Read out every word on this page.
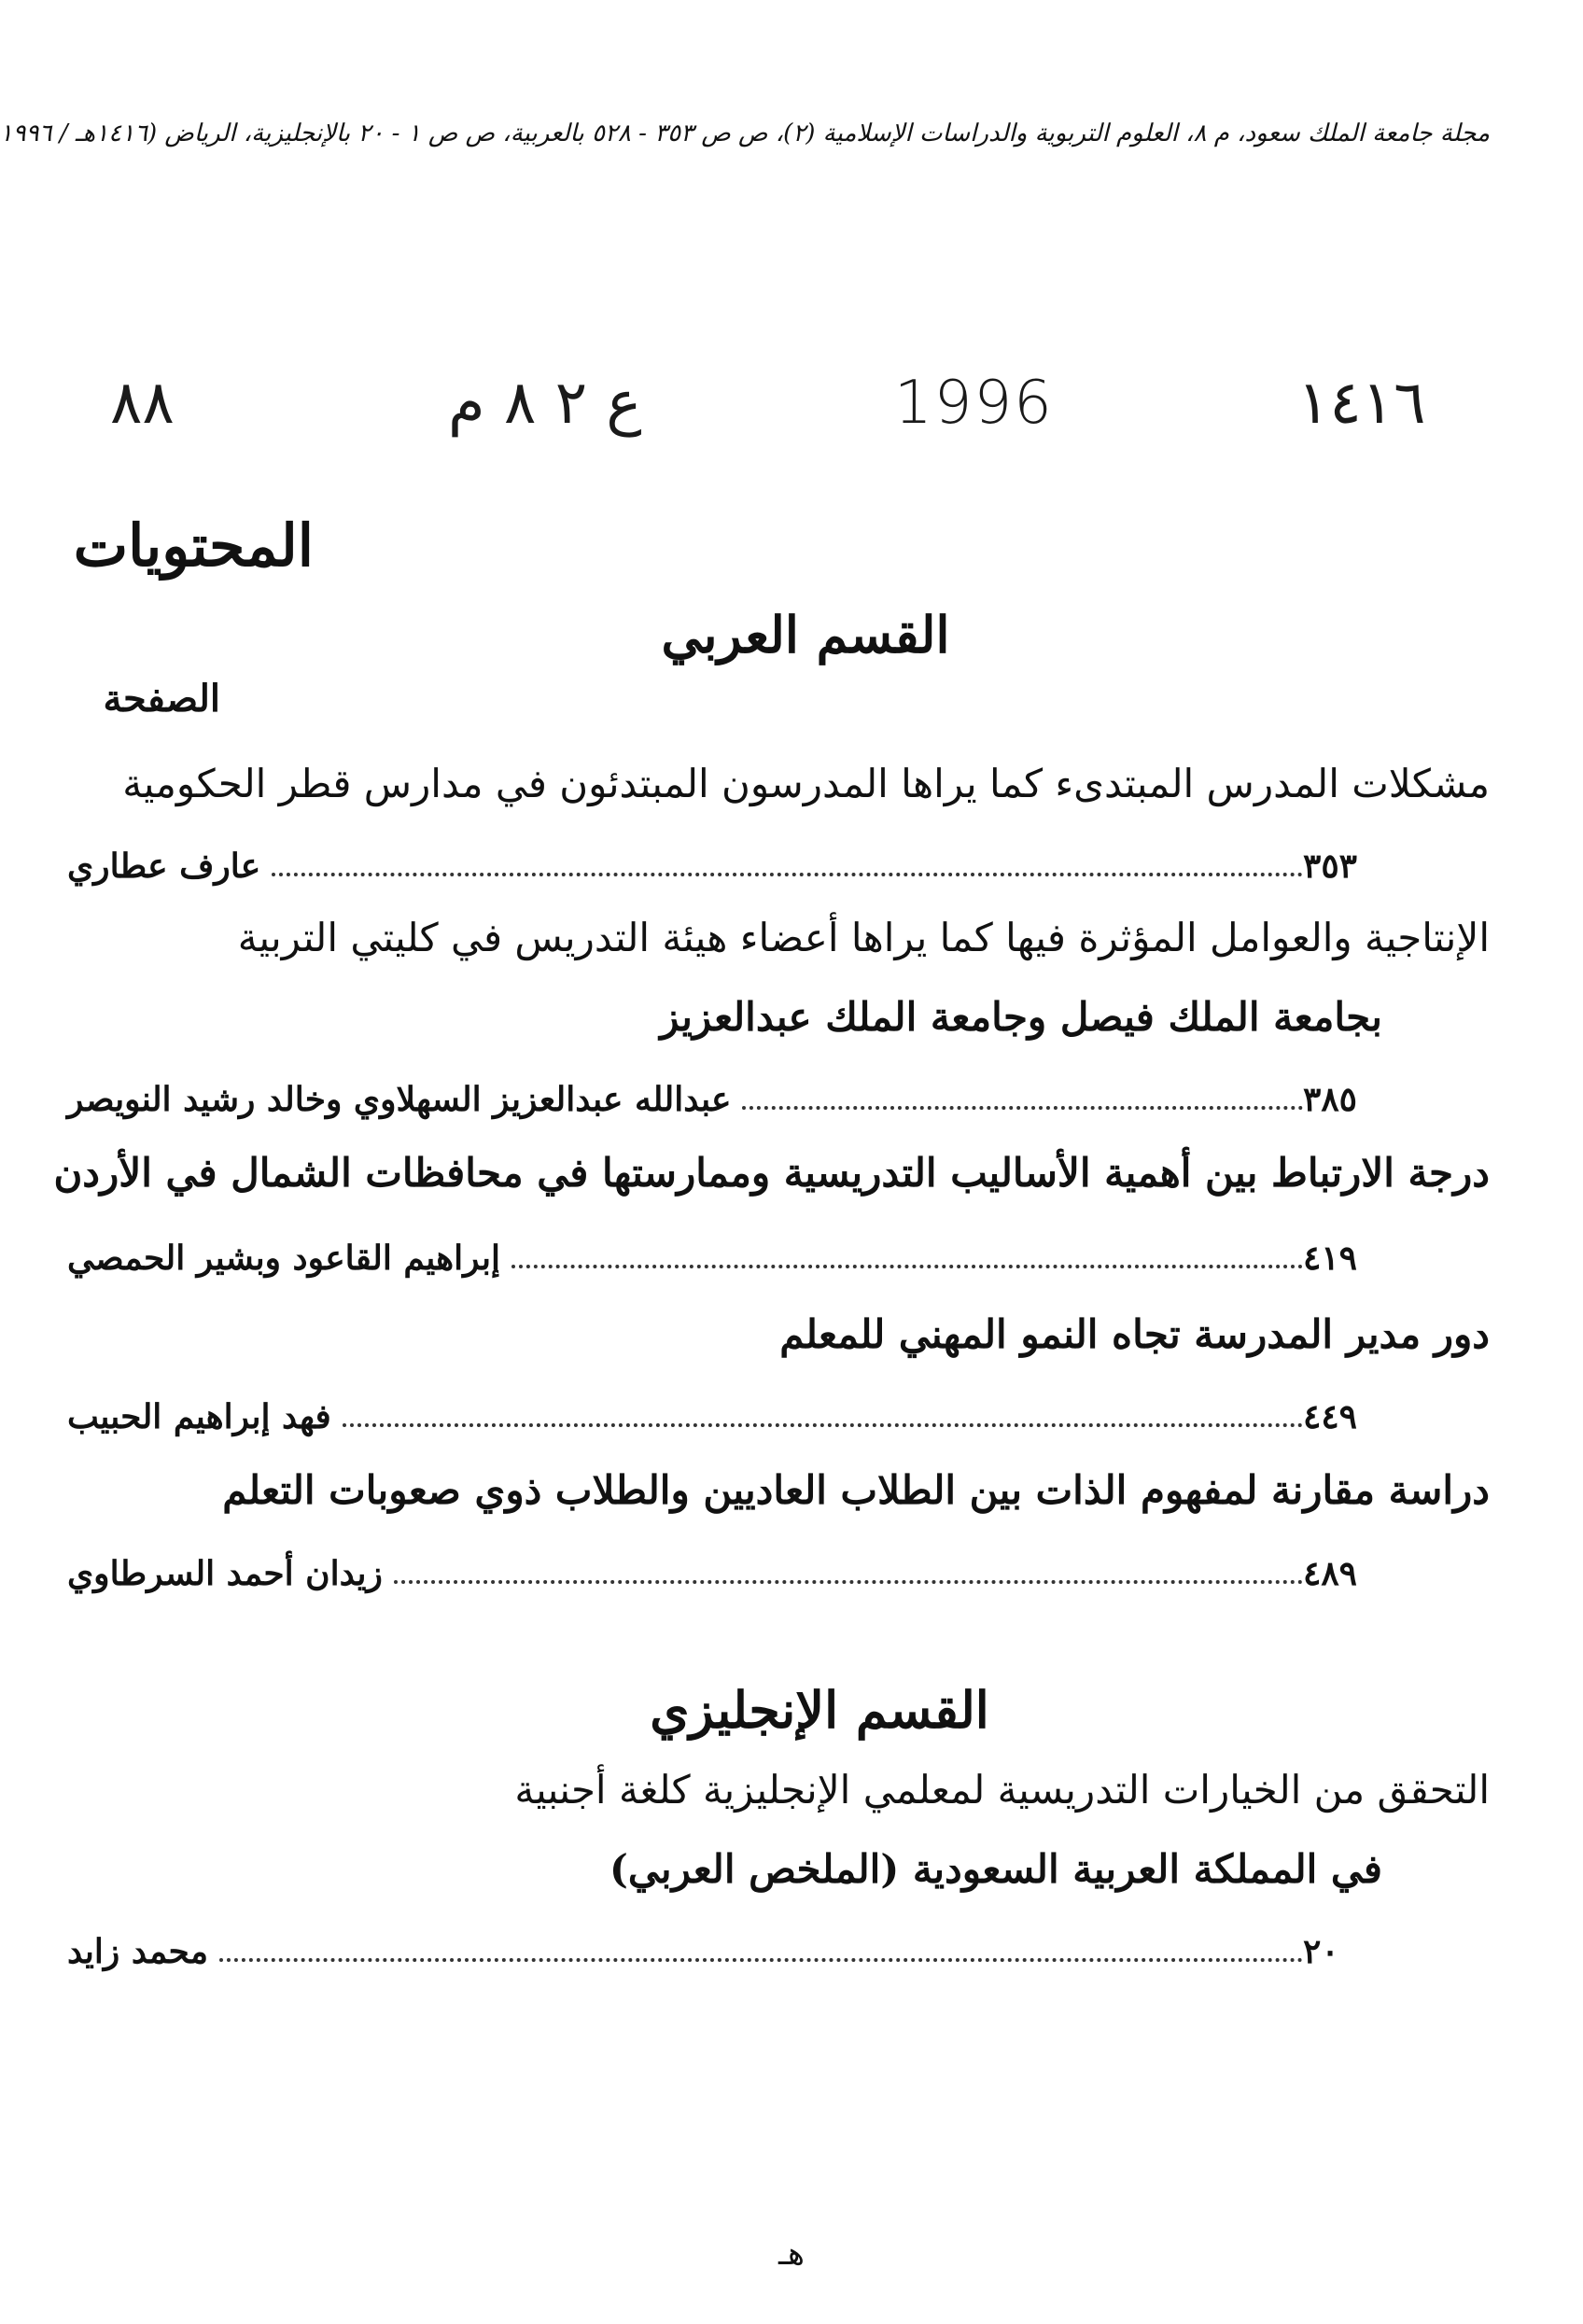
مجلة جامعة الملك سعود، م ٨، العلوم التربوية والدراسات الإسلامية (٢)، ص ص ٣٥٣ - ٥٢٨ بالعربية، ص ص ١ - ٢٠ بالإنجليزية، الرياض (١٤١٦هـ / ١٩٩٦
٨٨	ع ٢ ٨ م	1996	١٤١٦
المحتويات
القسم العربي
الصفحة
مشكلات المدرس المبتدىء كما يراها المدرسون المبتدئون في مدارس قطر الحكومية
عارف عطاري	٣٥٣
الإنتاجية والعوامل المؤثرة فيها كما يراها أعضاء هيئة التدريس في كليتي التربية
بجامعة الملك فيصل وجامعة الملك عبدالعزيز
عبدالله عبدالعزيز السهلاوي وخالد رشيد النويصر	٣٨٥
درجة الارتباط بين أهمية الأساليب التدريسية وممارستها في محافظات الشمال في الأردن
إبراهيم القاعود وبشير الحمصي	٤١٩
دور مدير المدرسة تجاه النمو المهني للمعلم
فهد إبراهيم الحبيب	٤٤٩
دراسة مقارنة لمفهوم الذات بين الطلاب العاديين والطلاب ذوي صعوبات التعلم
زيدان أحمد السرطاوي	٤٨٩
القسم الإنجليزي
التحقق من الخيارات التدريسية لمعلمي الإنجليزية كلغة أجنبية
في المملكة العربية السعودية (الملخص العربي)
محمد زايد	٢٠
هـ
